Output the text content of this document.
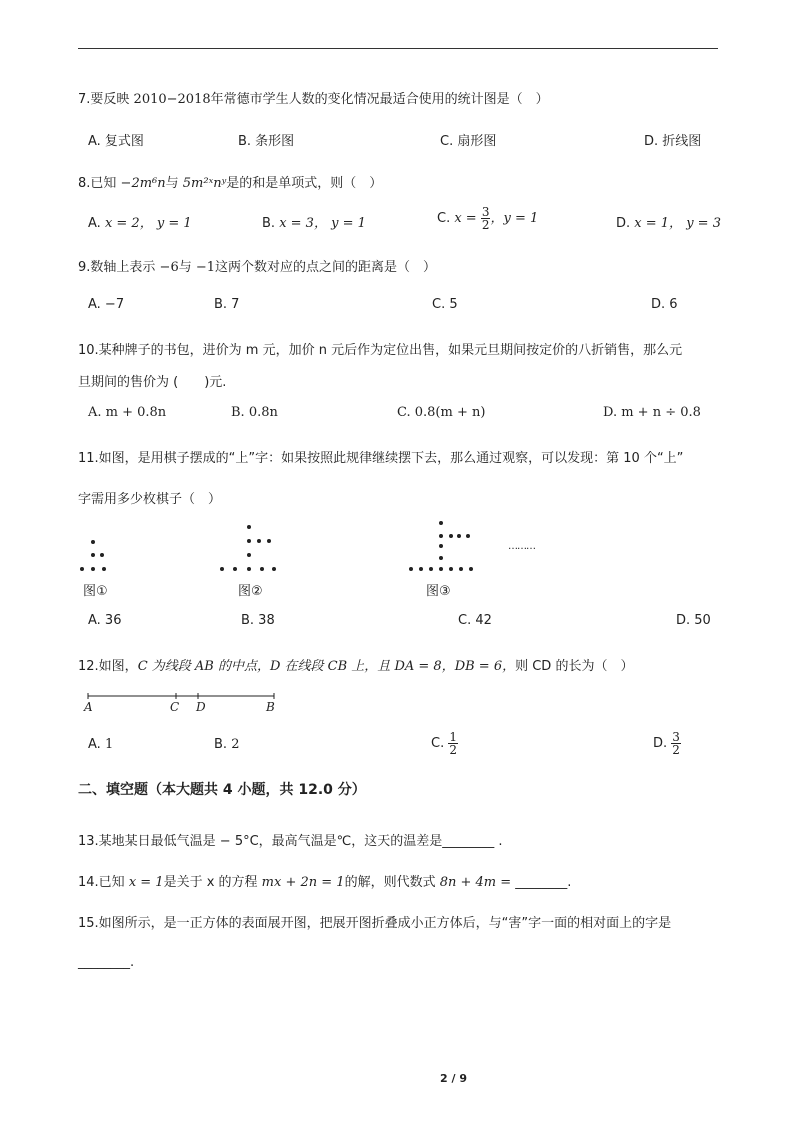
7.要反映 2010−2018年常德市学生人数的变化情况最适合使用的统计图是（　）
A. 复式图	B. 条形图	C. 扇形图	D. 折线图
8.已知 −2m⁶n与 5m²ˣnʸ是的和是单项式，则（　）
A. x = 2， y = 1	B. x = 3， y = 1	C. $x = \frac{3}{2}$ ，y = 1	D. x = 1， y = 3
9.数轴上表示 −6与 −1这两个数对应的点之间的距离是（　）
A. −7	B. 7	C. 5	D. 6
10.某种牌子的书包，进价为 m 元，加价 n 元后作为定位出售，如果元旦期间按定价的八折销售，那么元
旦期间的售价为 (　　)元.
A. m + 0.8n	B. 0.8n	C. 0.8(m + n)	D. m + n ÷ 0.8
11.如图，是用棋子摆成的“上”字：如果按照此规律继续摆下去，那么通过观察，可以发现：第 10 个“上”
字需用多少枚棋子（　）
图①	图②	图③
………
A. 36	B. 38	C. 42	D. 50
12.如图，C 为线段 AB 的中点，D 在线段 CB 上，且 DA = 8，DB = 6，则 CD 的长为（　）
A	C D	B
A. 1	B. 2	C. $\frac{1}{2}$	D. $\frac{3}{2}$
二、填空题（本大题共 4 小题，共 12.0 分）
13.某地某日最低气温是 − 5°C，最高气温是℃，这天的温差是________ .
14.已知 x = 1是关于 x 的方程 mx + 2n = 1的解，则代数式 8n + 4m = ________.
15.如图所示，是一正方体的表面展开图，把展开图折叠成小正方体后，与“害”字一面的相对面上的字是
________.
2 / 9
